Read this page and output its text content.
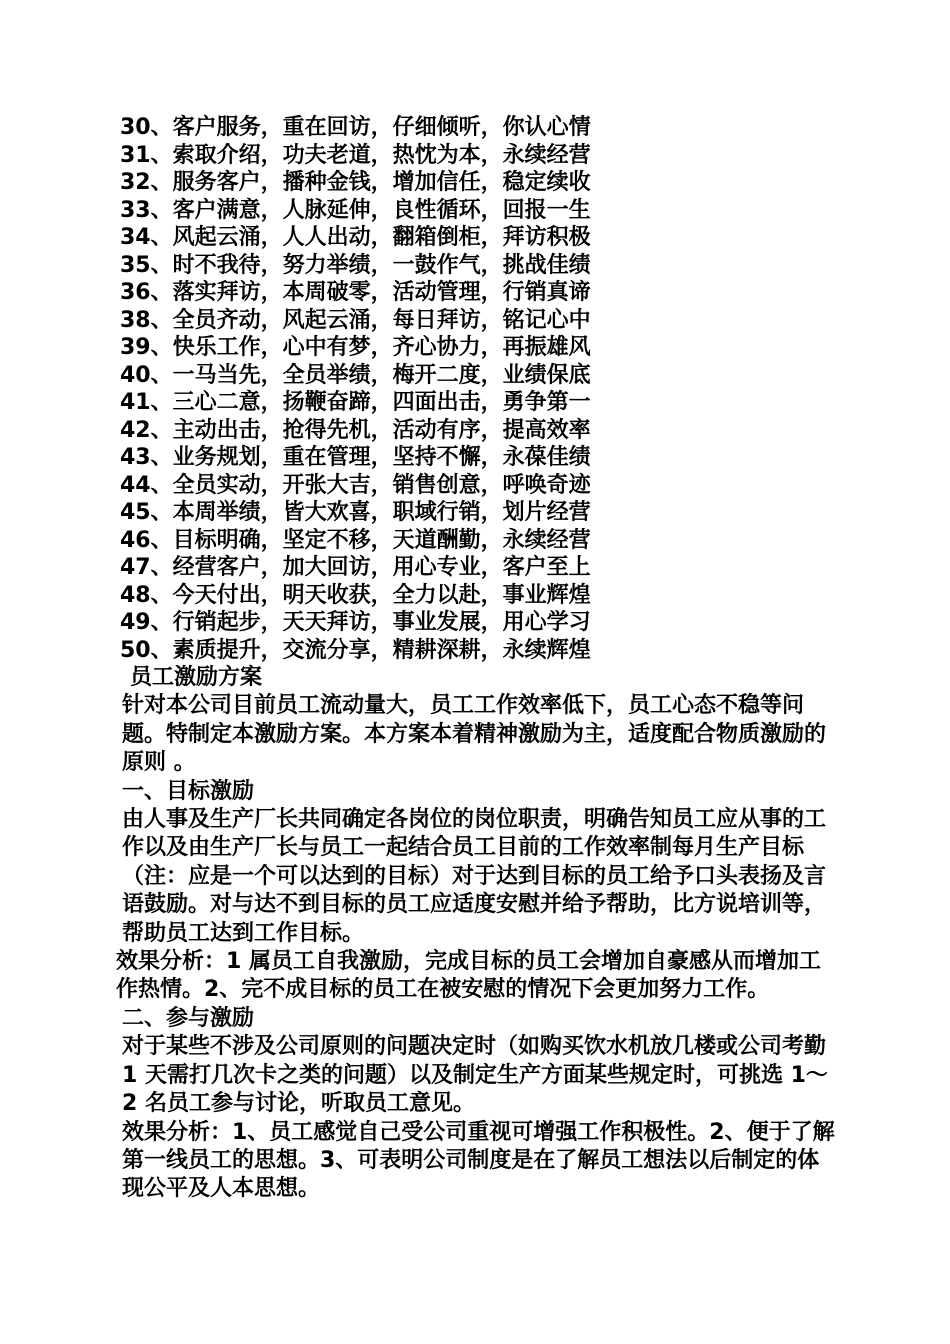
30、客户服务，重在回访，仔细倾听，你认心情
31、索取介绍，功夫老道，热忱为本，永续经营
32、服务客户，播种金钱，增加信任，稳定续收
33、客户满意，人脉延伸，良性循环，回报一生
34、风起云涌，人人出动，翻箱倒柜，拜访积极
35、时不我待，努力举绩，一鼓作气，挑战佳绩
36、落实拜访，本周破零，活动管理，行销真谛
38、全员齐动，风起云涌，每日拜访，铭记心中
39、快乐工作，心中有梦，齐心协力，再振雄风
40、一马当先，全员举绩，梅开二度，业绩保底
41、三心二意，扬鞭奋蹄，四面出击，勇争第一
42、主动出击，抢得先机，活动有序，提高效率
43、业务规划，重在管理，坚持不懈，永葆佳绩
44、全员实动，开张大吉，销售创意，呼唤奇迹
45、本周举绩，皆大欢喜，职域行销，划片经营
46、目标明确，坚定不移，天道酬勤，永续经营
47、经营客户，加大回访，用心专业，客户至上
48、今天付出，明天收获，全力以赴，事业辉煌
49、行销起步，天天拜访，事业发展，用心学习
50、素质提升，交流分享，精耕深耕，永续辉煌
员工激励方案
针对本公司目前员工流动量大，员工工作效率低下，员工心态不稳等问题。特制定本激励方案。本方案本着精神激励为主，适度配合物质激励的原则 。
一、目标激励
由人事及生产厂长共同确定各岗位的岗位职责，明确告知员工应从事的工作以及由生产厂长与员工一起结合员工目前的工作效率制每月生产目标（注：应是一个可以达到的目标）对于达到目标的员工给予口头表扬及言语鼓励。对与达不到目标的员工应适度安慰并给予帮助，比方说培训等，帮助员工达到工作目标。
效果分析：1 属员工自我激励，完成目标的员工会增加自豪感从而增加工作热情。2、完不成目标的员工在被安慰的情况下会更加努力工作。
二、参与激励
对于某些不涉及公司原则的问题决定时（如购买饮水机放几楼或公司考勤 1 天需打几次卡之类的问题）以及制定生产方面某些规定时，可挑选 1～2 名员工参与讨论，听取员工意见。
效果分析：1、员工感觉自己受公司重视可增强工作积极性。2、便于了解第一线员工的思想。3、可表明公司制度是在了解员工想法以后制定的体现公平及人本思想。
